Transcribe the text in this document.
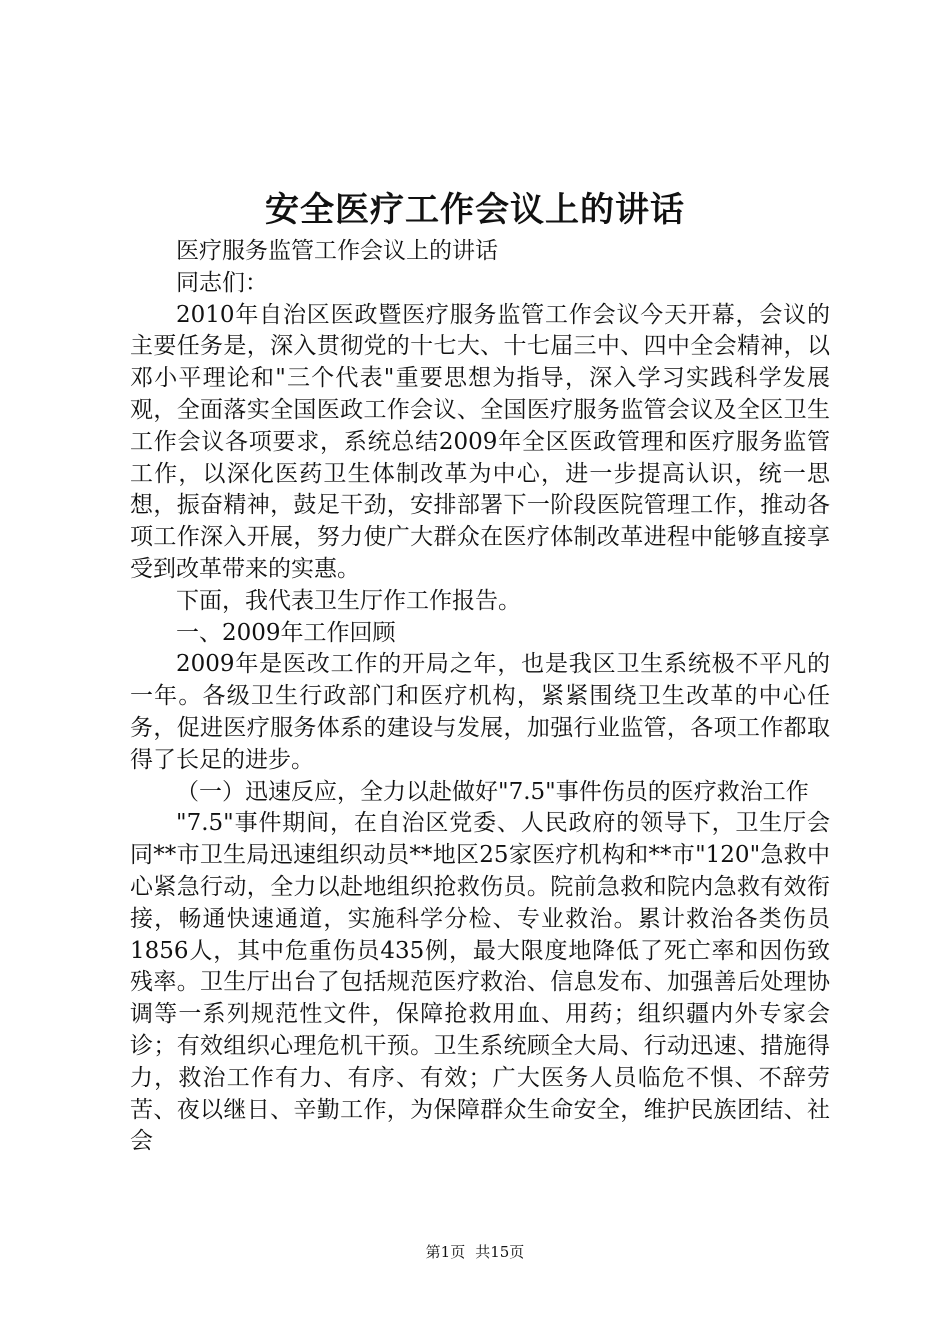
安全医疗工作会议上的讲话

医疗服务监管工作会议上的讲话

同志们：

2010年自治区医政暨医疗服务监管工作会议今天开幕，会议的主要任务是，深入贯彻党的十七大、十七届三中、四中全会精神，以邓小平理论和"三个代表"重要思想为指导，深入学习实践科学发展观，全面落实全国医政工作会议、全国医疗服务监管会议及全区卫生工作会议各项要求，系统总结2009年全区医政管理和医疗服务监管工作，以深化医药卫生体制改革为中心，进一步提高认识，统一思想，振奋精神，鼓足干劲，安排部署下一阶段医院管理工作，推动各项工作深入开展，努力使广大群众在医疗体制改革进程中能够直接享受到改革带来的实惠。

下面，我代表卫生厅作工作报告。

一、2009年工作回顾

2009年是医改工作的开局之年，也是我区卫生系统极不平凡的一年。各级卫生行政部门和医疗机构，紧紧围绕卫生改革的中心任务，促进医疗服务体系的建设与发展，加强行业监管，各项工作都取得了长足的进步。

（一）迅速反应，全力以赴做好"7.5"事件伤员的医疗救治工作

"7.5"事件期间，在自治区党委、人民政府的领导下，卫生厅会同**市卫生局迅速组织动员**地区25家医疗机构和**市"120"急救中心紧急行动，全力以赴地组织抢救伤员。院前急救和院内急救有效衔接，畅通快速通道，实施科学分检、专业救治。累计救治各类伤员1856人，其中危重伤员435例，最大限度地降低了死亡率和因伤致残率。卫生厅出台了包括规范医疗救治、信息发布、加强善后处理协调等一系列规范性文件，保障抢救用血、用药；组织疆内外专家会诊；有效组织心理危机干预。卫生系统顾全大局、行动迅速、措施得力，救治工作有力、有序、有效；广大医务人员临危不惧、不辞劳苦、夜以继日、辛勤工作，为保障群众生命安全，维护民族团结、社会

第1页 共15页
